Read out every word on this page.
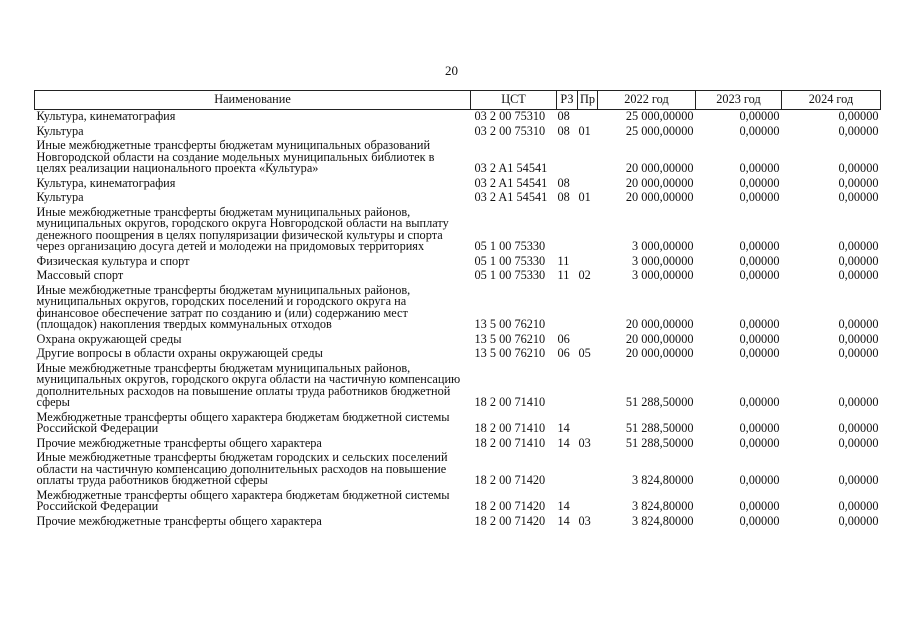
20
Наименование	ЦСТ	РЗ	Пр	2022 год	2023 год	2024 год
Культура, кинематография	03 2 00 75310	08		25 000,00000	0,00000	0,00000
Культура	03 2 00 75310	08	01	25 000,00000	0,00000	0,00000
Иные межбюджетные трансферты бюджетам муниципальных образований Новгородской области на создание модельных муниципальных библиотек в целях реализации национального проекта «Культура»	03 2 A1 54541			20 000,00000	0,00000	0,00000
Культура, кинематография	03 2 A1 54541	08		20 000,00000	0,00000	0,00000
Культура	03 2 A1 54541	08	01	20 000,00000	0,00000	0,00000
Иные межбюджетные трансферты бюджетам муниципальных районов, муниципальных округов, городского округа Новгородской области на выплату денежного поощрения в целях популяризации физической культуры и спорта через организацию досуга детей и молодежи на придомовых территориях	05 1 00 75330			3 000,00000	0,00000	0,00000
Физическая культура и спорт	05 1 00 75330	11		3 000,00000	0,00000	0,00000
Массовый спорт	05 1 00 75330	11	02	3 000,00000	0,00000	0,00000
Иные межбюджетные трансферты бюджетам муниципальных районов, муниципальных округов, городских поселений и городского округа на финансовое обеспечение затрат по созданию и (или) содержанию мест (площадок) накопления твердых коммунальных отходов	13 5 00 76210			20 000,00000	0,00000	0,00000
Охрана окружающей среды	13 5 00 76210	06		20 000,00000	0,00000	0,00000
Другие вопросы в области охраны окружающей среды	13 5 00 76210	06	05	20 000,00000	0,00000	0,00000
Иные межбюджетные трансферты бюджетам муниципальных районов, муниципальных округов, городского округа области на частичную компенсацию дополнительных расходов на повышение оплаты труда работников бюджетной сферы	18 2 00 71410			51 288,50000	0,00000	0,00000
Межбюджетные трансферты общего характера бюджетам бюджетной системы Российской Федерации	18 2 00 71410	14		51 288,50000	0,00000	0,00000
Прочие межбюджетные трансферты общего характера	18 2 00 71410	14	03	51 288,50000	0,00000	0,00000
Иные межбюджетные трансферты бюджетам городских и сельских поселений области на частичную компенсацию дополнительных расходов на повышение оплаты труда работников бюджетной сферы	18 2 00 71420			3 824,80000	0,00000	0,00000
Межбюджетные трансферты общего характера бюджетам бюджетной системы Российской Федерации	18 2 00 71420	14		3 824,80000	0,00000	0,00000
Прочие межбюджетные трансферты общего характера	18 2 00 71420	14	03	3 824,80000	0,00000	0,00000
